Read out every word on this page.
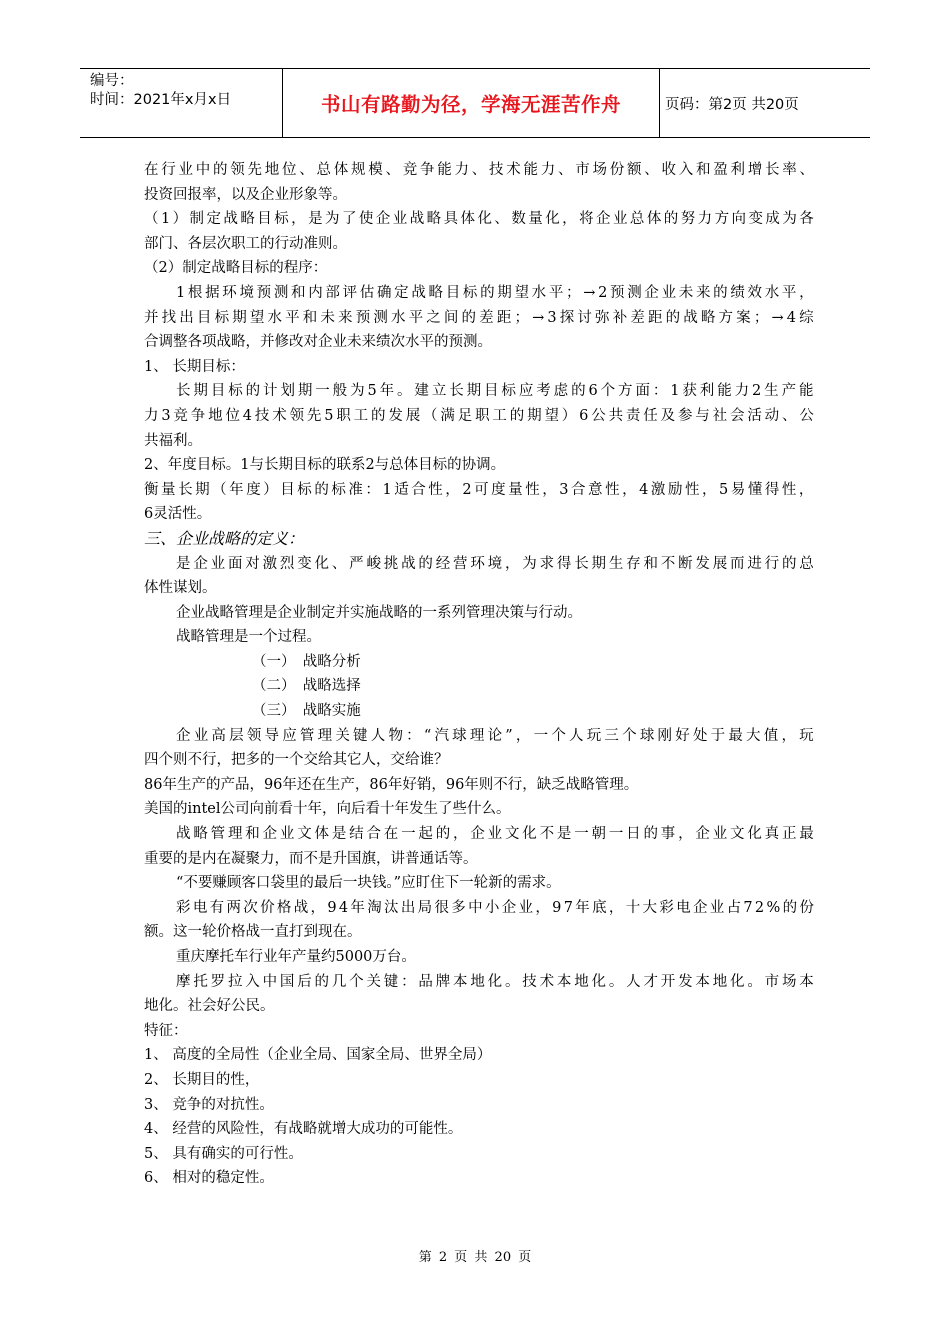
编号：
时间：2021年x月x日	书山有路勤为径，学海无涯苦作舟	页码：第2页 共20页
在 行 业 中 的 领 先 地 位 、 总 体 规 模 、 竞 争 能 力 、 技 术 能 力 、 市 场 份 额 、 收 入 和 盈 利 增 长 率 、
投资回报率，以及企业形象等。
（ 1 ） 制 定 战 略 目 标 ， 是 为 了 使 企 业 战 略 具 体 化 、 数 量 化 ， 将 企 业 总 体 的 努 力 方 向 变 成 为 各
部门、各层次职工的行动准则。
（2）制定战略目标的程序：
1 根 据 环 境 预 测 和 内 部 评 估 确 定 战 略 目 标 的 期 望 水 平 ； → 2 预 测 企 业 未 来 的 绩 效 水 平 ，
并 找 出 目 标 期 望 水 平 和 未 来 预 测 水 平 之 间 的 差 距 ； → 3 探 讨 弥 补 差 距 的 战 略 方 案 ； → 4 综
合调整各项战略，并修改对企业未来绩次水平的预测。
1、 长期目标：
长 期 目 标 的 计 划 期 一 般 为 5 年 。 建 立 长 期 目 标 应 考 虑 的 6 个 方 面 ： 1 获 利 能 力 2 生 产 能
力 3 竞 争 地 位 4 技 术 领 先 5 职 工 的 发 展 （ 满 足 职 工 的 期 望 ） 6 公 共 责 任 及 参 与 社 会 活 动 、 公
共福利。
2、年度目标。1与长期目标的联系2与总体目标的协调。
衡 量 长 期 （ 年 度 ） 目 标 的 标 准 ： 1 适 合 性 ， 2 可 度 量 性 ， 3 合 意 性 ， 4 激 励 性 ， 5 易 懂 得 性 ，
6灵活性。
三、企业战略的定义：
是 企 业 面 对 激 烈 变 化 、 严 峻 挑 战 的 经 营 环 境 ， 为 求 得 长 期 生 存 和 不 断 发 展 而 进 行 的 总
体性谋划。
企业战略管理是企业制定并实施战略的一系列管理决策与行动。
战略管理是一个过程。
（一）　战略分析
（二）　战略选择
（三）　战略实施
企 业 高 层 领 导 应 管 理 关 键 人 物 ： “ 汽 球 理 论 ” ， 一 个 人 玩 三 个 球 刚 好 处 于 最 大 值 ， 玩
四个则不行，把多的一个交给其它人，交给谁？
86年生产的产品，96年还在生产，86年好销，96年则不行，缺乏战略管理。
美国的intel公司向前看十年，向后看十年发生了些什么。
战 略 管 理 和 企 业 文 体 是 结 合 在 一 起 的 ， 企 业 文 化 不 是 一 朝 一 日 的 事 ， 企 业 文 化 真 正 最
重要的是内在凝聚力，而不是升国旗，讲普通话等。
“不要赚顾客口袋里的最后一块钱。”应盯住下一轮新的需求。
彩 电 有 两 次 价 格 战 ， 9 4 年 淘 汰 出 局 很 多 中 小 企 业 ， 9 7 年 底 ， 十 大 彩 电 企 业 占 7 2 % 的 份
额。这一轮价格战一直打到现在。
重庆摩托车行业年产量约5000万台。
摩 托 罗 拉 入 中 国 后 的 几 个 关 键 ： 品 牌 本 地 化 。 技 术 本 地 化 。 人 才 开 发 本 地 化 。 市 场 本
地化。社会好公民。
特征：
1、 高度的全局性（企业全局、国家全局、世界全局）
2、 长期目的性，
3、 竞争的对抗性。
4、 经营的风险性，有战略就增大成功的可能性。
5、 具有确实的可行性。
6、 相对的稳定性。
第 2 页 共 20 页
